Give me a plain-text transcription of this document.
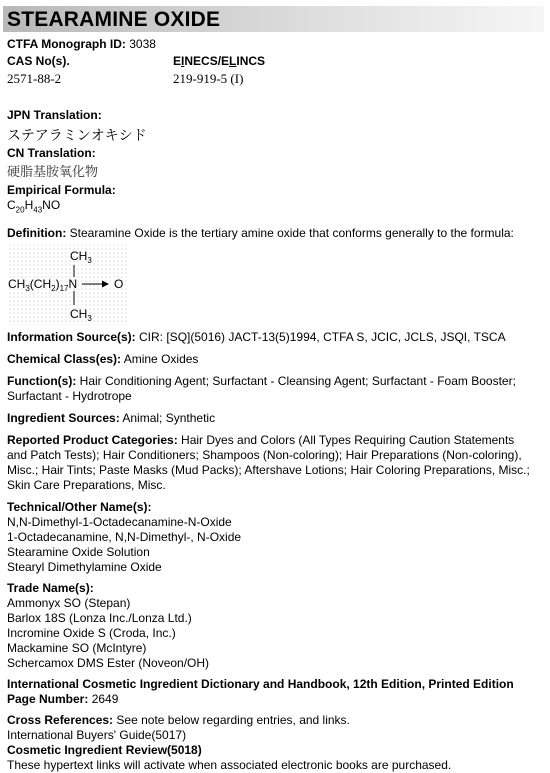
STEARAMINE OXIDE
CTFA Monograph ID: 3038
CAS No(s).
2571-88-2
EINECS/ELINCS
219-919-5 (I)
JPN Translation:
ステアラミンオキシド
CN Translation:
硬脂基胺氧化物
Empirical Formula:
$C_{20}H_{43}NO$
Definition: Stearamine Oxide is the tertiary amine oxide that conforms generally to the formula:
$CH_3$
$CH_3(CH_2)_{17}N$	O
$CH_3$
Information Source(s): CIR: [SQ](5016) JACT-13(5)1994, CTFA S, JCIC, JCLS, JSQI, TSCA
Chemical Class(es): Amine Oxides
Function(s): Hair Conditioning Agent; Surfactant - Cleansing Agent; Surfactant - Foam Booster; Surfactant - Hydrotrope
Ingredient Sources: Animal; Synthetic
Reported Product Categories: Hair Dyes and Colors (All Types Requiring Caution Statements and Patch Tests); Hair Conditioners; Shampoos (Non-coloring); Hair Preparations (Non-coloring), Misc.; Hair Tints; Paste Masks (Mud Packs); Aftershave Lotions; Hair Coloring Preparations, Misc.; Skin Care Preparations, Misc.
Technical/Other Name(s):
N,N-Dimethyl-1-Octadecanamine-N-Oxide
1-Octadecanamine, N,N-Dimethyl-, N-Oxide
Stearamine Oxide Solution
Stearyl Dimethylamine Oxide
Trade Name(s):
Ammonyx SO (Stepan)
Barlox 18S (Lonza Inc./Lonza Ltd.)
Incromine Oxide S (Croda, Inc.)
Mackamine SO (McIntyre)
Schercamox DMS Ester (Noveon/OH)
International Cosmetic Ingredient Dictionary and Handbook, 12th Edition, Printed Edition Page Number: 2649
Cross References: See note below regarding entries, and links.
International Buyers' Guide(5017)
Cosmetic Ingredient Review(5018)
These hypertext links will activate when associated electronic books are purchased.
